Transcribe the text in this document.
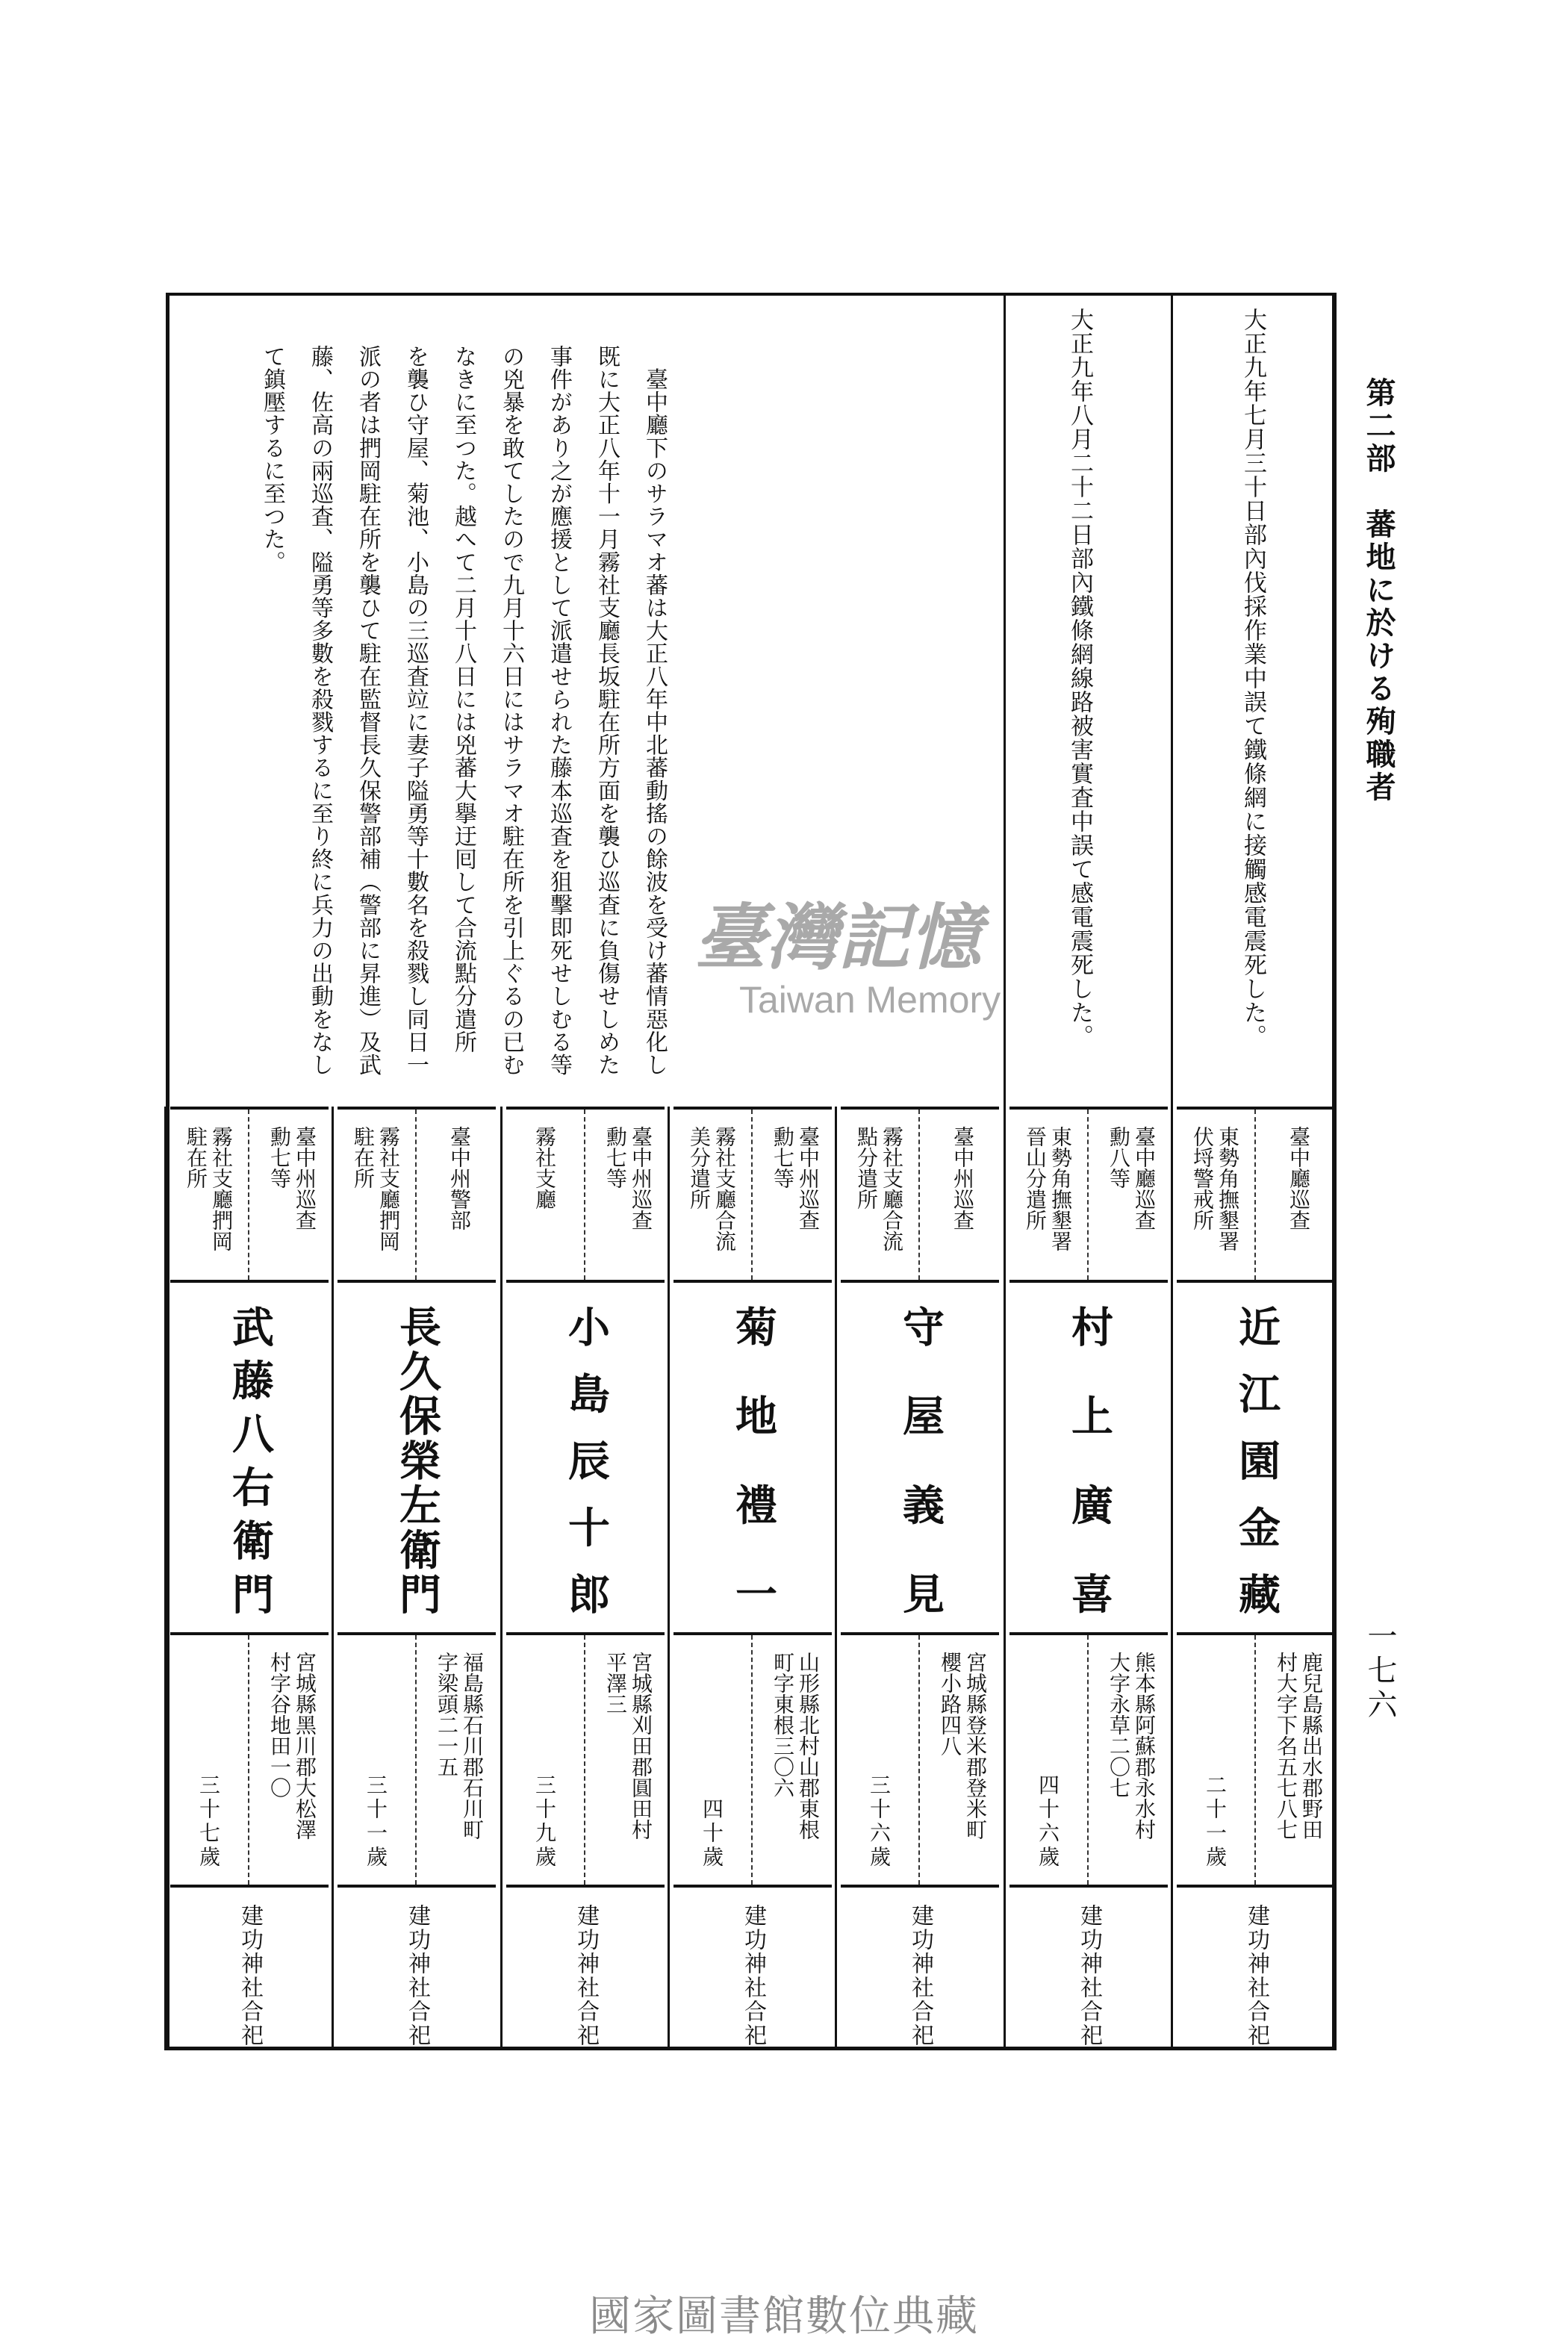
第二部　蕃地に於ける殉職者
一七六
大正九年七月三十日部內伐採作業中誤て鐵條網に接觸感電震死した。
大正九年八月二十二日部內鐵條網線路被害實査中誤て感電震死した。
　臺中廳下のサラマオ蕃は大正八年中北蕃動搖の餘波を受け蕃情惡化し
既に大正八年十一月霧社支廳長坂駐在所方面を襲ひ巡査に負傷せしめた
事件があり之が應援として派遣せられた藤本巡査を狙擊即死せしむる等
の兇暴を敢てしたので九月十六日にはサラマオ駐在所を引上ぐるの已む
なきに至つた。越へて二月十八日には兇蕃大擧迂囘して合流點分遣所
を襲ひ守屋、菊池、小島の三巡査竝に妻子隘勇等十數名を殺戮し同日一
派の者は捫岡駐在所を襲ひて駐在監督長久保警部補（警部に昇進）及武
藤、佐高の兩巡査、隘勇等多數を殺戮するに至り終に兵力の出動をなし
て鎮壓するに至つた。
臺中廳巡查
東勢角撫墾署
伏埒警戒所
近江園金藏
鹿兒島縣出水郡野田
村大字下名五七八七
二十一歲
建功神社合祀
臺中廳巡查
勳八等
東勢角撫墾署
晉山分遣所
村上廣喜
熊本縣阿蘇郡永水村
大字永草二〇七
四十六歲
建功神社合祀
臺中州巡查
霧社支廳合流
點分遣所
守屋義見
宮城縣登米郡登米町
櫻小路四八
三十六歲
建功神社合祀
臺中州巡查
勳七等
霧社支廳合流
美分遣所
菊地禮一
山形縣北村山郡東根
町字東根三〇六
四十歲
建功神社合祀
臺中州巡查
勳七等
霧社支廳
小島辰十郎
宮城縣刈田郡圓田村
平澤三
三十九歲
建功神社合祀
臺中州警部
霧社支廳捫岡
駐在所
長久保榮左衛門
福島縣石川郡石川町
字梁頭二一五
三十一歲
建功神社合祀
臺中州巡查
勳七等
霧社支廳捫岡
駐在所
武藤八右衛門
宮城縣黑川郡大松澤
村字谷地田一〇
三十七歲
建功神社合祀
臺灣記憶
Taiwan Memory
國家圖書館數位典藏
